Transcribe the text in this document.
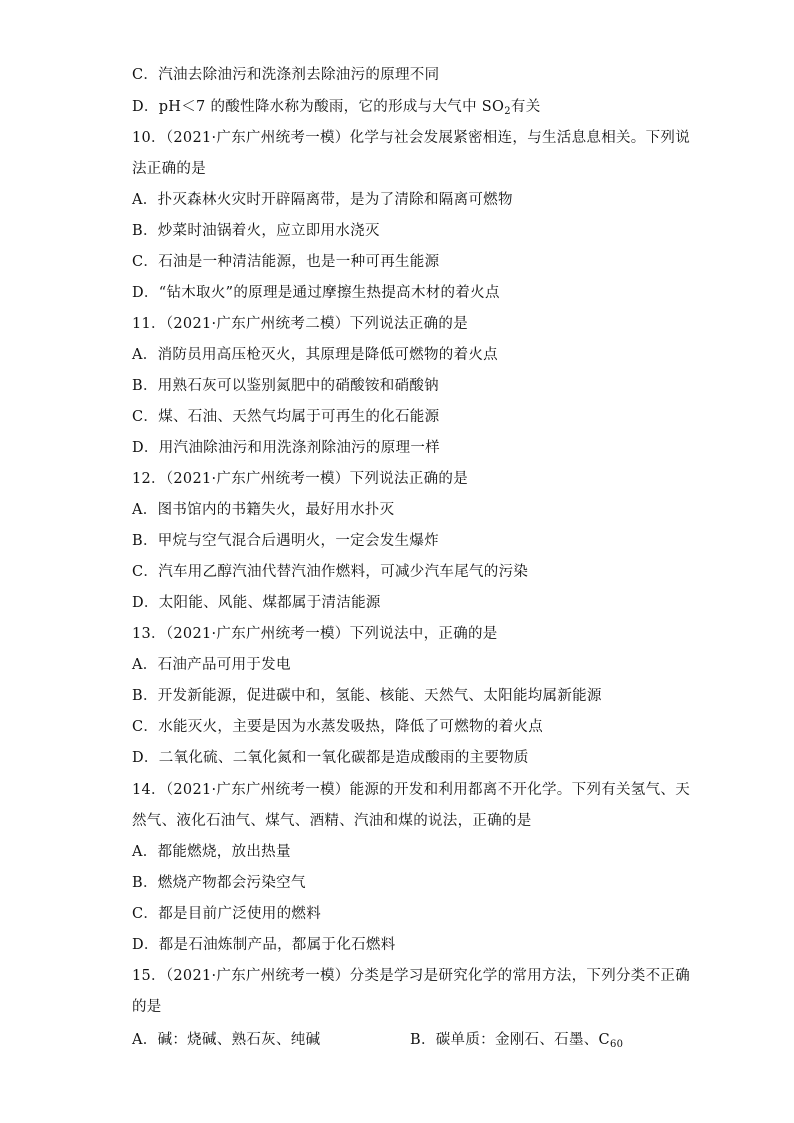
C．汽油去除油污和洗涤剂去除油污的原理不同
D．pH＜7 的酸性降水称为酸雨，它的形成与大气中 $SO_2$有关
10．（2021·广东广州统考一模）化学与社会发展紧密相连，与生活息息相关。下列说
法正确的是
A．扑灭森林火灾时开辟隔离带，是为了清除和隔离可燃物
B．炒菜时油锅着火，应立即用水浇灭
C．石油是一种清洁能源，也是一种可再生能源
D．“钻木取火”的原理是通过摩擦生热提高木材的着火点
11．（2021·广东广州统考二模）下列说法正确的是
A．消防员用高压枪灭火，其原理是降低可燃物的着火点
B．用熟石灰可以鉴别氮肥中的硝酸铵和硝酸钠
C．煤、石油、天然气均属于可再生的化石能源
D．用汽油除油污和用洗涤剂除油污的原理一样
12．（2021·广东广州统考一模）下列说法正确的是
A．图书馆内的书籍失火，最好用水扑灭
B．甲烷与空气混合后遇明火，一定会发生爆炸
C．汽车用乙醇汽油代替汽油作燃料，可减少汽车尾气的污染
D．太阳能、风能、煤都属于清洁能源
13．（2021·广东广州统考一模）下列说法中，正确的是
A．石油产品可用于发电
B．开发新能源，促进碳中和，氢能、核能、天然气、太阳能均属新能源
C．水能灭火，主要是因为水蒸发吸热，降低了可燃物的着火点
D．二氧化硫、二氧化氮和一氧化碳都是造成酸雨的主要物质
14．（2021·广东广州统考一模）能源的开发和利用都离不开化学。下列有关氢气、天
然气、液化石油气、煤气、酒精、汽油和煤的说法，正确的是
A．都能燃烧，放出热量
B．燃烧产物都会污染空气
C．都是目前广泛使用的燃料
D．都是石油炼制产品，都属于化石燃料
15．（2021·广东广州统考一模）分类是学习是研究化学的常用方法，下列分类不正确
的是
A．碱：烧碱、熟石灰、纯碱	B．碳单质：金刚石、石墨、$C_{60}$
